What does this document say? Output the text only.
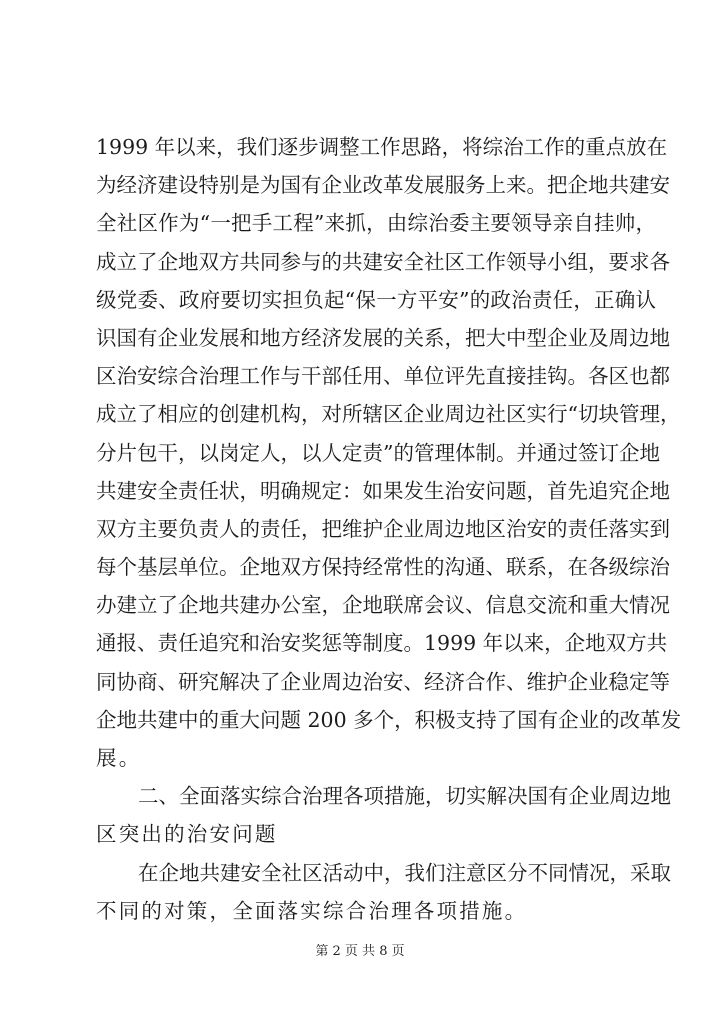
1999 年以来，我们逐步调整工作思路，将综治工作的重点放在
为经济建设特别是为国有企业改革发展服务上来。把企地共建安
全社区作为“一把手工程”来抓，由综治委主要领导亲自挂帅，
成立了企地双方共同参与的共建安全社区工作领导小组，要求各
级党委、政府要切实担负起“保一方平安”的政治责任，正确认
识国有企业发展和地方经济发展的关系，把大中型企业及周边地
区治安综合治理工作与干部任用、单位评先直接挂钩。各区也都
成立了相应的创建机构，对所辖区企业周边社区实行“切块管理，
分片包干，以岗定人，以人定责”的管理体制。并通过签订企地
共建安全责任状，明确规定：如果发生治安问题，首先追究企地
双方主要负责人的责任，把维护企业周边地区治安的责任落实到
每个基层单位。企地双方保持经常性的沟通、联系，在各级综治
办建立了企地共建办公室，企地联席会议、信息交流和重大情况
通报、责任追究和治安奖惩等制度。1999 年以来，企地双方共
同协商、研究解决了企业周边治安、经济合作、维护企业稳定等
企地共建中的重大问题 200 多个，积极支持了国有企业的改革发
展。
二、全面落实综合治理各项措施，切实解决国有企业周边地
区突出的治安问题
在企地共建安全社区活动中，我们注意区分不同情况，采取
不同的对策，全面落实综合治理各项措施。
第 2 页 共 8 页
